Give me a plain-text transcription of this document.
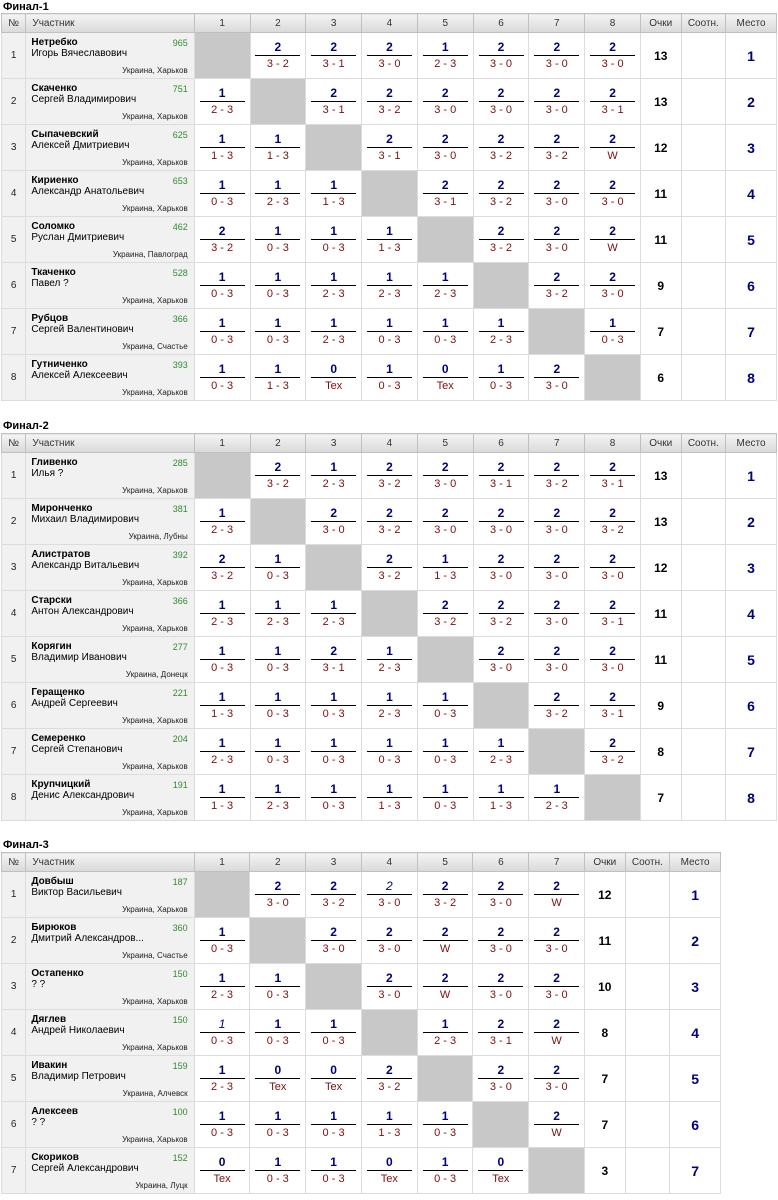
Финал-1
№	Участник	1	2	3	4	5	6	7	8	Очки	Соотн.	Место
1	Нетребко 965
Игорь Вячеславович
Украина, Харьков		$\frac{2}{3 - 2}$	$\frac{2}{3 - 1}$	$\frac{2}{3 - 0}$	$\frac{1}{2 - 3}$	$\frac{2}{3 - 0}$	$\frac{2}{3 - 0}$	$\frac{2}{3 - 0}$	13		1
2	Скаченко 751
Сергей Владимирович
Украина, Харьков	$\frac{1}{2 - 3}$		$\frac{2}{3 - 1}$	$\frac{2}{3 - 2}$	$\frac{2}{3 - 0}$	$\frac{2}{3 - 0}$	$\frac{2}{3 - 0}$	$\frac{2}{3 - 1}$	13		2
3	Сыпачевский 625
Алексей Дмитриевич
Украина, Харьков	$\frac{1}{1 - 3}$	$\frac{1}{1 - 3}$		$\frac{2}{3 - 1}$	$\frac{2}{3 - 0}$	$\frac{2}{3 - 2}$	$\frac{2}{3 - 2}$	$\frac{2}{W}$	12		3
4	Кириенко 653
Александр Анатольевич
Украина, Харьков	$\frac{1}{0 - 3}$	$\frac{1}{2 - 3}$	$\frac{1}{1 - 3}$		$\frac{2}{3 - 1}$	$\frac{2}{3 - 2}$	$\frac{2}{3 - 0}$	$\frac{2}{3 - 0}$	11		4
5	Соломко 462
Руслан Дмитриевич
Украина, Павлоград	$\frac{2}{3 - 2}$	$\frac{1}{0 - 3}$	$\frac{1}{0 - 3}$	$\frac{1}{1 - 3}$		$\frac{2}{3 - 2}$	$\frac{2}{3 - 0}$	$\frac{2}{W}$	11		5
6	Ткаченко 528
Павел ?
Украина, Харьков	$\frac{1}{0 - 3}$	$\frac{1}{0 - 3}$	$\frac{1}{2 - 3}$	$\frac{1}{2 - 3}$	$\frac{1}{2 - 3}$		$\frac{2}{3 - 2}$	$\frac{2}{3 - 0}$	9		6
7	Рубцов 366
Сергей Валентинович
Украина, Счастье	$\frac{1}{0 - 3}$	$\frac{1}{0 - 3}$	$\frac{1}{2 - 3}$	$\frac{1}{0 - 3}$	$\frac{1}{0 - 3}$	$\frac{1}{2 - 3}$		$\frac{1}{0 - 3}$	7		7
8	Гутниченко 393
Алексей Алексеевич
Украина, Харьков	$\frac{1}{0 - 3}$	$\frac{1}{1 - 3}$	0
Tex	$\frac{1}{0 - 3}$	0
Tex	$\frac{1}{0 - 3}$	$\frac{2}{3 - 0}$		6		8
Финал-2
№	Участник	1	2	3	4	5	6	7	8	Очки	Соотн.	Место
1	Гливенко 285
Илья ?
Украина, Харьков		$\frac{2}{3 - 2}$	$\frac{1}{2 - 3}$	$\frac{2}{3 - 2}$	$\frac{2}{3 - 0}$	$\frac{2}{3 - 1}$	$\frac{2}{3 - 2}$	$\frac{2}{3 - 1}$	13		1
2	Миронченко 381
Михаил Владимирович
Украина, Лубны	$\frac{1}{2 - 3}$		$\frac{2}{3 - 0}$	$\frac{2}{3 - 2}$	$\frac{2}{3 - 0}$	$\frac{2}{3 - 0}$	$\frac{2}{3 - 0}$	$\frac{2}{3 - 2}$	13		2
3	Алистратов 392
Александр Витальевич
Украина, Харьков	$\frac{2}{3 - 2}$	$\frac{1}{0 - 3}$		$\frac{2}{3 - 2}$	$\frac{1}{1 - 3}$	$\frac{2}{3 - 0}$	$\frac{2}{3 - 0}$	$\frac{2}{3 - 0}$	12		3
4	Старски 366
Антон Александрович
Украина, Харьков	$\frac{1}{2 - 3}$	$\frac{1}{2 - 3}$	$\frac{1}{2 - 3}$		$\frac{2}{3 - 2}$	$\frac{2}{3 - 2}$	$\frac{2}{3 - 0}$	$\frac{2}{3 - 1}$	11		4
5	Корягин 277
Владимир Иванович
Украина, Донецк	$\frac{1}{0 - 3}$	$\frac{1}{0 - 3}$	$\frac{2}{3 - 1}$	$\frac{1}{2 - 3}$		$\frac{2}{3 - 0}$	$\frac{2}{3 - 0}$	$\frac{2}{3 - 0}$	11		5
6	Геращенко 221
Андрей Сергеевич
Украина, Харьков	$\frac{1}{1 - 3}$	$\frac{1}{0 - 3}$	$\frac{1}{0 - 3}$	$\frac{1}{2 - 3}$	$\frac{1}{0 - 3}$		$\frac{2}{3 - 2}$	$\frac{2}{3 - 1}$	9		6
7	Семеренко 204
Сергей Степанович
Украина, Харьков	$\frac{1}{2 - 3}$	$\frac{1}{0 - 3}$	$\frac{1}{0 - 3}$	$\frac{1}{0 - 3}$	$\frac{1}{0 - 3}$	$\frac{1}{2 - 3}$		$\frac{2}{3 - 2}$	8		7
8	Крупчицкий 191
Денис Александрович
Украина, Харьков	$\frac{1}{1 - 3}$	$\frac{1}{2 - 3}$	$\frac{1}{0 - 3}$	$\frac{1}{1 - 3}$	$\frac{1}{0 - 3}$	$\frac{1}{1 - 3}$	$\frac{1}{2 - 3}$		7		8
Финал-3
№	Участник	1	2	3	4	5	6	7	Очки	Соотн.	Место
1	Довбыш 187
Виктор Васильевич
Украина, Харьков		$\frac{2}{3 - 0}$	$\frac{2}{3 - 2}$	$\frac{2}{3 - 0}$	$\frac{2}{3 - 2}$	$\frac{2}{3 - 0}$	$\frac{2}{W}$	12		1
2	Бирюков 360
Дмитрий Александров...
Украина, Счастье	$\frac{1}{0 - 3}$		$\frac{2}{3 - 0}$	$\frac{2}{3 - 0}$	$\frac{2}{W}$	$\frac{2}{3 - 0}$	$\frac{2}{3 - 0}$	11		2
3	Остапенко 150
? ?
Украина, Харьков	$\frac{1}{2 - 3}$	$\frac{1}{0 - 3}$		$\frac{2}{3 - 0}$	$\frac{2}{W}$	$\frac{2}{3 - 0}$	$\frac{2}{3 - 0}$	10		3
4	Дяглев 150
Андрей Николаевич
Украина, Харьков	$\frac{1}{0 - 3}$	$\frac{1}{0 - 3}$	$\frac{1}{0 - 3}$		$\frac{1}{2 - 3}$	$\frac{2}{3 - 1}$	$\frac{2}{W}$	8		4
5	Ивакин 159
Владимир Петрович
Украина, Алчевск	$\frac{1}{2 - 3}$	0
Tex	0
Tex	$\frac{2}{3 - 2}$		$\frac{2}{3 - 0}$	$\frac{2}{3 - 0}$	7		5
6	Алексеев 100
? ?
Украина, Харьков	$\frac{1}{0 - 3}$	$\frac{1}{0 - 3}$	$\frac{1}{0 - 3}$	$\frac{1}{1 - 3}$	$\frac{1}{0 - 3}$		$\frac{2}{W}$	7		6
7	Скориков 152
Сергей Александрович
Украина, Луцк	0
Tex	$\frac{1}{0 - 3}$	$\frac{1}{0 - 3}$	0
Tex	$\frac{1}{0 - 3}$	0
Tex		3		7
